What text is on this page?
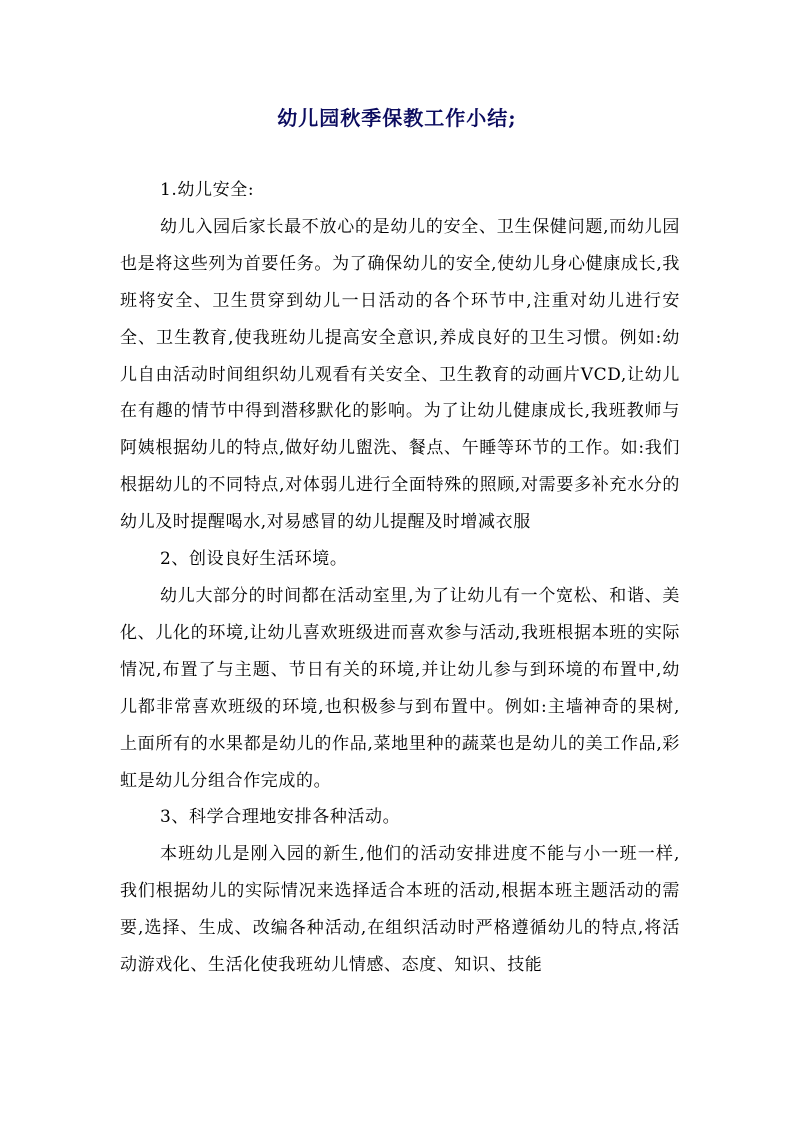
幼儿园秋季保教工作小结;

1.幼儿安全:

幼儿入园后家长最不放心的是幼儿的安全、卫生保健问题,而幼儿园也是将这些列为首要任务。为了确保幼儿的安全,使幼儿身心健康成长,我班将安全、卫生贯穿到幼儿一日活动的各个环节中,注重对幼儿进行安全、卫生教育,使我班幼儿提高安全意识,养成良好的卫生习惯。例如:幼儿自由活动时间组织幼儿观看有关安全、卫生教育的动画片VCD,让幼儿在有趣的情节中得到潜移默化的影响。为了让幼儿健康成长,我班教师与阿姨根据幼儿的特点,做好幼儿盥洗、餐点、午睡等环节的工作。如:我们根据幼儿的不同特点,对体弱儿进行全面特殊的照顾,对需要多补充水分的幼儿及时提醒喝水,对易感冒的幼儿提醒及时增减衣服

2、创设良好生活环境。

幼儿大部分的时间都在活动室里,为了让幼儿有一个宽松、和谐、美化、儿化的环境,让幼儿喜欢班级进而喜欢参与活动,我班根据本班的实际情况,布置了与主题、节日有关的环境,并让幼儿参与到环境的布置中,幼儿都非常喜欢班级的环境,也积极参与到布置中。例如:主墙神奇的果树,上面所有的水果都是幼儿的作品,菜地里种的蔬菜也是幼儿的美工作品,彩虹是幼儿分组合作完成的。

3、科学合理地安排各种活动。

本班幼儿是刚入园的新生,他们的活动安排进度不能与小一班一样,我们根据幼儿的实际情况来选择适合本班的活动,根据本班主题活动的需要,选择、生成、改编各种活动,在组织活动时严格遵循幼儿的特点,将活动游戏化、生活化使我班幼儿情感、态度、知识、技能
